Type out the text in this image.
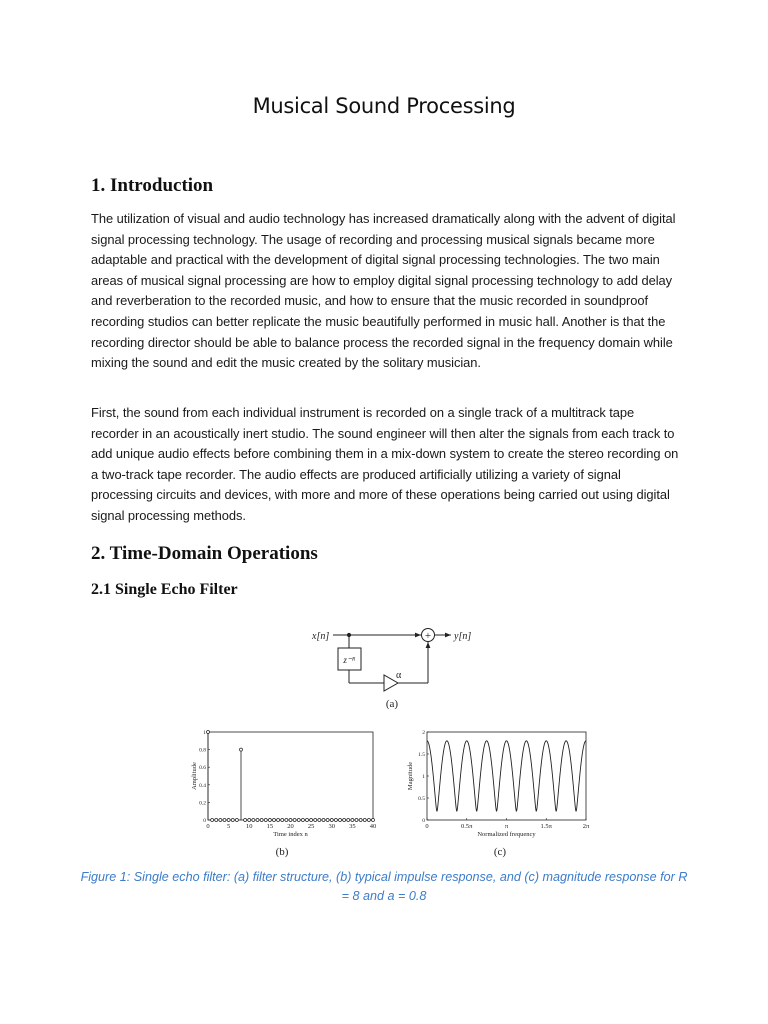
Musical Sound Processing
1. Introduction

The utilization of visual and audio technology has increased dramatically along with the advent of digital signal processing technology. The usage of recording and processing musical signals became more adaptable and practical with the development of digital signal processing technologies. The two main areas of musical signal processing are how to employ digital signal processing technology to add delay and reverberation to the recorded music, and how to ensure that the music recorded in soundproof recording studios can better replicate the music beautifully performed in music hall. Another is that the recording director should be able to balance process the recorded signal in the frequency domain while mixing the sound and edit the music created by the solitary musician.

First, the sound from each individual instrument is recorded on a single track of a multitrack tape recorder in an acoustically inert studio. The sound engineer will then alter the signals from each track to add unique audio effects before combining them in a mix-down system to create the stereo recording on a two-track tape recorder. The audio effects are produced artificially utilizing a variety of signal processing circuits and devices, with more and more of these operations being carried out using digital signal processing methods.

2. Time-Domain Operations
2.1 Single Echo Filter
x[n]	+ y[n]
z⁻ᴿ
α
(a)
0	5 10 15 20 25 30 35 40
0
0.2
0.4
0.6
0.8
1
Time index n
Amplitude
(b)
0	0.5π	π	1.5π	2π
0
0.5
1
1.5
2
Normalized frequency
Magnitude
(c)
Figure 1: Single echo filter: (a) filter structure, (b) typical impulse response, and (c) magnitude response for R = 8 and a = 0.8
